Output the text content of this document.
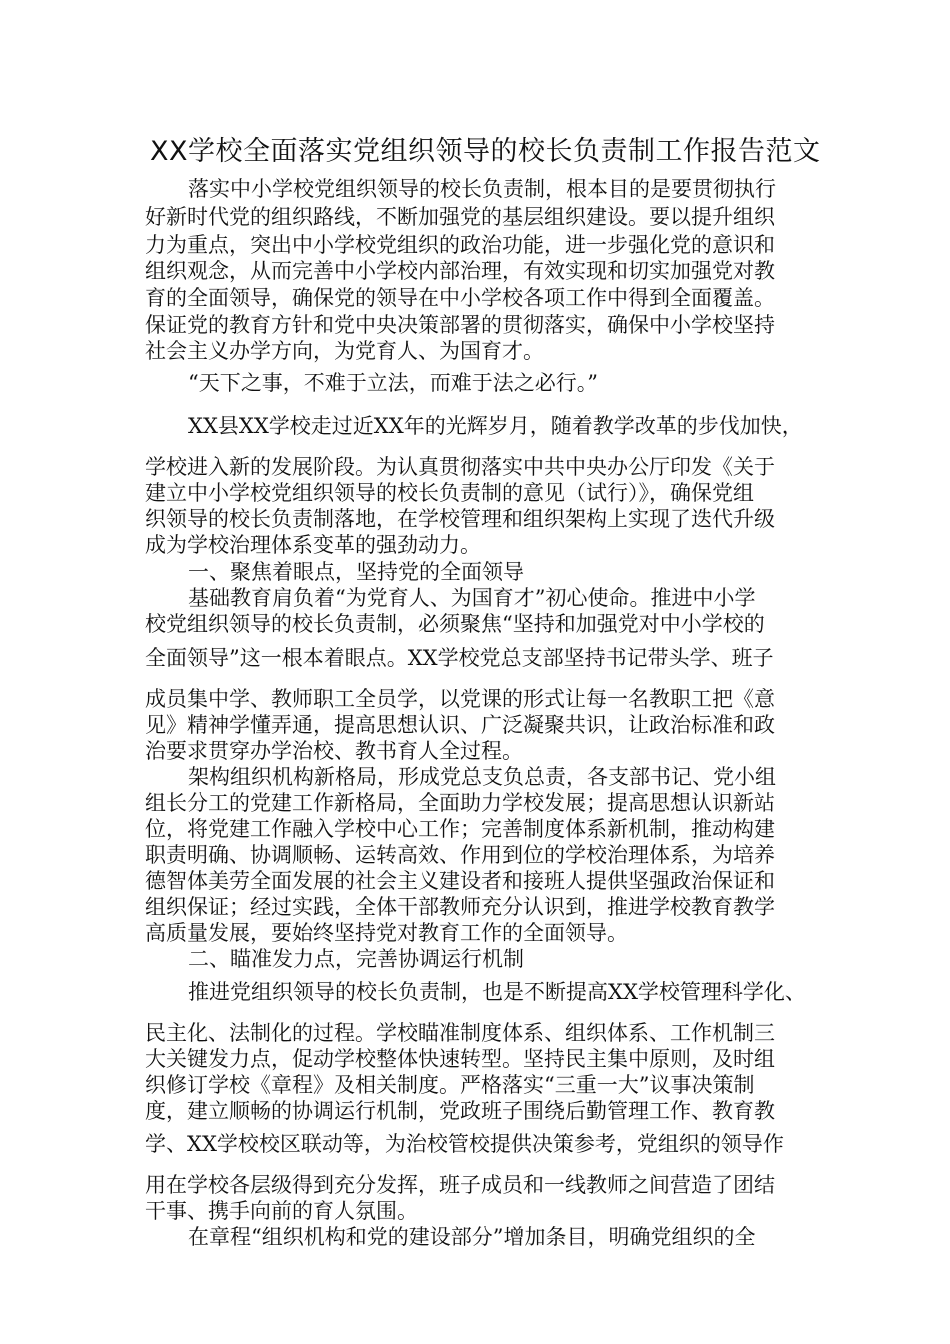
XX学校全面落实党组织领导的校长负责制工作报告范文
落实中小学校党组织领导的校长负责制，根本目的是要贯彻执行
好新时代党的组织路线，不断加强党的基层组织建设。要以提升组织
力为重点，突出中小学校党组织的政治功能，进一步强化党的意识和
组织观念，从而完善中小学校内部治理，有效实现和切实加强党对教
育的全面领导，确保党的领导在中小学校各项工作中得到全面覆盖。
保证党的教育方针和党中央决策部署的贯彻落实，确保中小学校坚持
社会主义办学方向，为党育人、为国育才。
“天下之事，不难于立法，而难于法之必行。”
XX县XX学校走过近XX年的光辉岁月，随着教学改革的步伐加快，
学校进入新的发展阶段。为认真贯彻落实中共中央办公厅印发《关于
建立中小学校党组织领导的校长负责制的意见（试行）》，确保党组
织领导的校长负责制落地，在学校管理和组织架构上实现了迭代升级
成为学校治理体系变革的强劲动力。
一、聚焦着眼点，坚持党的全面领导
基础教育肩负着“为党育人、为国育才”初心使命。推进中小学
校党组织领导的校长负责制，必须聚焦“坚持和加强党对中小学校的
全面领导”这一根本着眼点。XX学校党总支部坚持书记带头学、班子
成员集中学、教师职工全员学，以党课的形式让每一名教职工把《意
见》精神学懂弄通，提高思想认识、广泛凝聚共识，让政治标准和政
治要求贯穿办学治校、教书育人全过程。
架构组织机构新格局，形成党总支负总责，各支部书记、党小组
组长分工的党建工作新格局，全面助力学校发展；提高思想认识新站
位，将党建工作融入学校中心工作；完善制度体系新机制，推动构建
职责明确、协调顺畅、运转高效、作用到位的学校治理体系，为培养
德智体美劳全面发展的社会主义建设者和接班人提供坚强政治保证和
组织保证；经过实践，全体干部教师充分认识到，推进学校教育教学
高质量发展，要始终坚持党对教育工作的全面领导。
二、瞄准发力点，完善协调运行机制
推进党组织领导的校长负责制，也是不断提高XX学校管理科学化、
民主化、法制化的过程。学校瞄准制度体系、组织体系、工作机制三
大关键发力点，促动学校整体快速转型。坚持民主集中原则，及时组
织修订学校《章程》及相关制度。严格落实“三重一大”议事决策制
度，建立顺畅的协调运行机制，党政班子围绕后勤管理工作、教育教
学、XX学校校区联动等，为治校管校提供决策参考，党组织的领导作
用在学校各层级得到充分发挥，班子成员和一线教师之间营造了团结
干事、携手向前的育人氛围。
在章程“组织机构和党的建设部分”增加条目，明确党组织的全
